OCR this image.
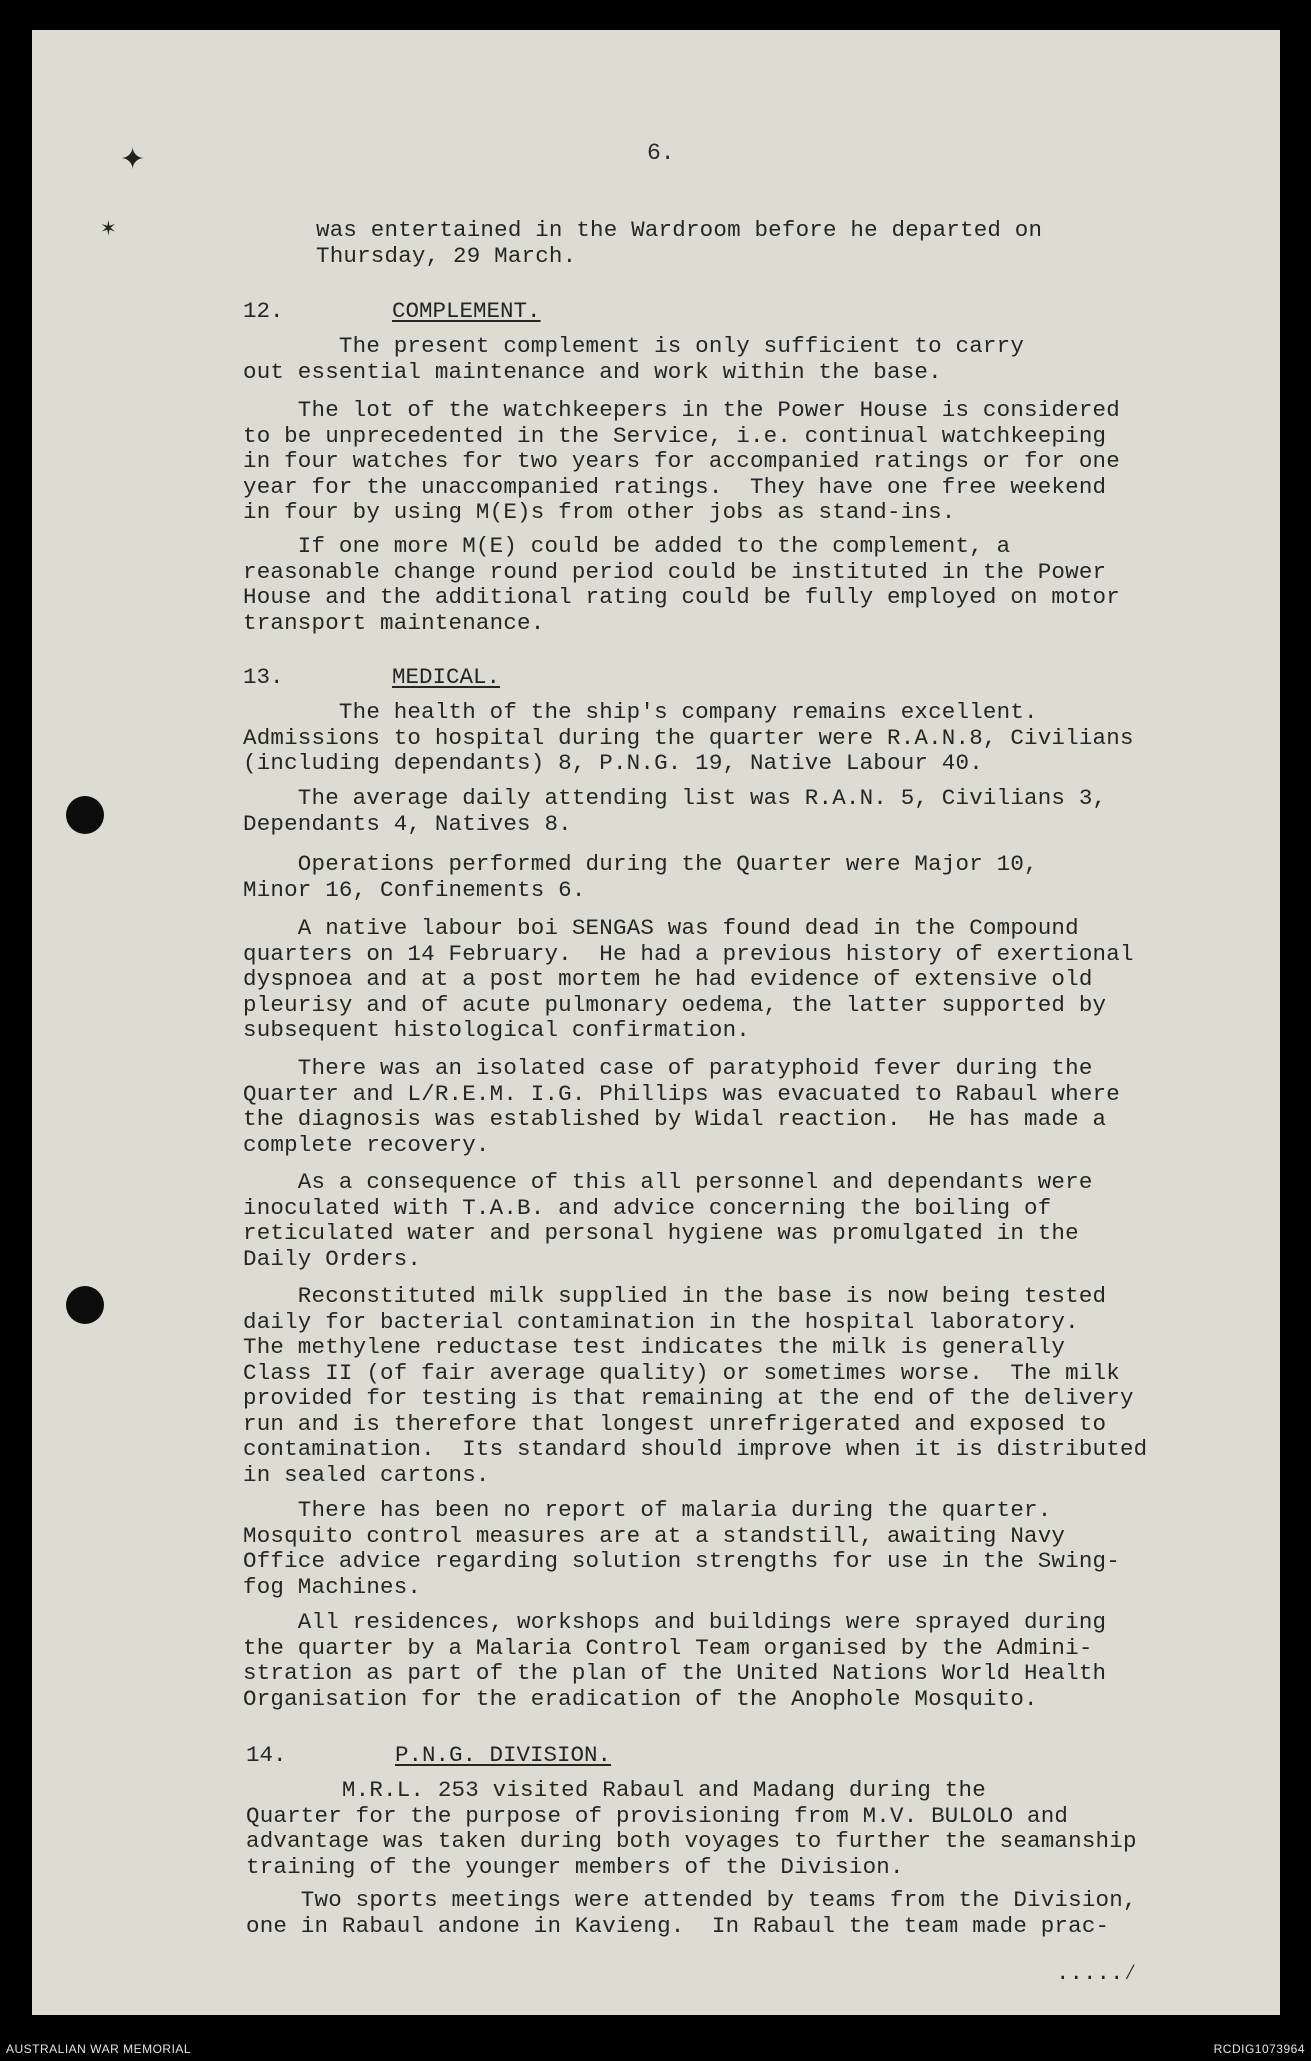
✦
✶
6.

was entertained in the Wardroom before he departed on
Thursday, 29 March.

12.	COMPLEMENT.

The present complement is only sufficient to carry
out essential maintenance and work within the base.

The lot of the watchkeepers in the Power House is considered
to be unprecedented in the Service, i.e. continual watchkeeping
in four watches for two years for accompanied ratings or for one
year for the unaccompanied ratings.  They have one free weekend
in four by using M(E)s from other jobs as stand-ins.

If one more M(E) could be added to the complement, a
reasonable change round period could be instituted in the Power
House and the additional rating could be fully employed on motor
transport maintenance.

13.	MEDICAL.

The health of the ship's company remains excellent.
Admissions to hospital during the quarter were R.A.N.8, Civilians
(including dependants) 8, P.N.G. 19, Native Labour 40.

The average daily attending list was R.A.N. 5, Civilians 3,
Dependants 4, Natives 8.

Operations performed during the Quarter were Major 10,
Minor 16, Confinements 6.

A native labour boi SENGAS was found dead in the Compound
quarters on 14 February.  He had a previous history of exertional
dyspnoea and at a post mortem he had evidence of extensive old
pleurisy and of acute pulmonary oedema, the latter supported by
subsequent histological confirmation.

There was an isolated case of paratyphoid fever during the
Quarter and L/R.E.M. I.G. Phillips was evacuated to Rabaul where
the diagnosis was established by Widal reaction.  He has made a
complete recovery.

As a consequence of this all personnel and dependants were
inoculated with T.A.B. and advice concerning the boiling of
reticulated water and personal hygiene was promulgated in the
Daily Orders.

Reconstituted milk supplied in the base is now being tested
daily for bacterial contamination in the hospital laboratory.
The methylene reductase test indicates the milk is generally
Class II (of fair average quality) or sometimes worse.  The milk
provided for testing is that remaining at the end of the delivery
run and is therefore that longest unrefrigerated and exposed to
contamination.  Its standard should improve when it is distributed
in sealed cartons.

There has been no report of malaria during the quarter.
Mosquito control measures are at a standstill, awaiting Navy
Office advice regarding solution strengths for use in the Swing-
fog Machines.

All residences, workshops and buildings were sprayed during
the quarter by a Malaria Control Team organised by the Admini-
stration as part of the plan of the United Nations World Health
Organisation for the eradication of the Anophole Mosquito.

14.	P.N.G. DIVISION.

M.R.L. 253 visited Rabaul and Madang during the
Quarter for the purpose of provisioning from M.V. BULOLO and
advantage was taken during both voyages to further the seamanship
training of the younger members of the Division.

Two sports meetings were attended by teams from the Division,
one in Rabaul andone in Kavieng.  In Rabaul the team made prac-

.....⁄
AUSTRALIAN WAR MEMORIAL	RCDIG1073964
